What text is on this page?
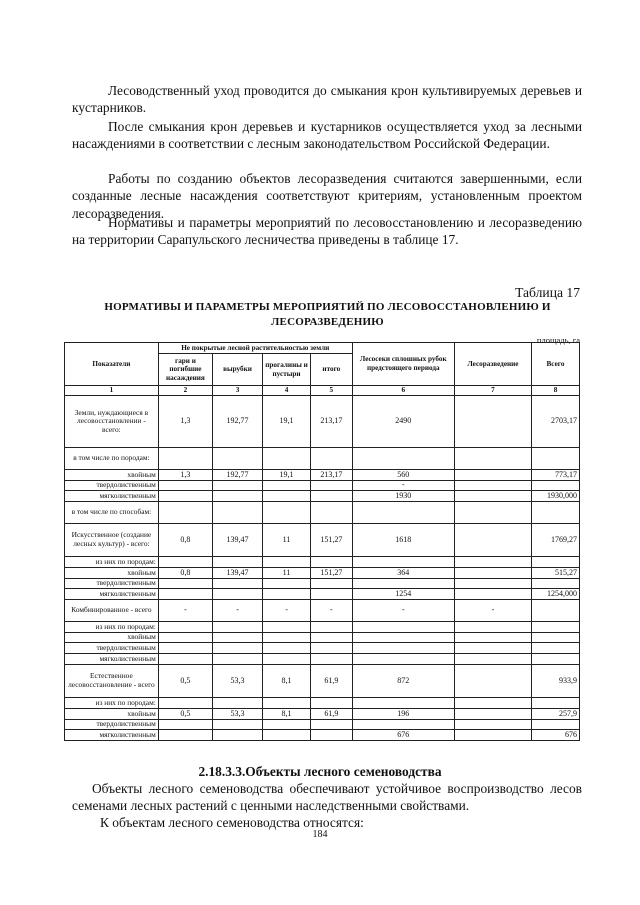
Лесоводственный уход проводится до смыкания крон культивируемых деревьев и кустарников.

После смыкания крон деревьев и кустарников осуществляется уход за лесными насаждениями в соответствии с лесным законодательством Российской Федерации.

Работы по созданию объектов лесоразведения считаются завершенными, если созданные лесные насаждения соответствуют критериям, установленным проектом лесоразведения.

Нормативы и параметры мероприятий по лесовосстановлению и лесоразведению на территории Сарапульского лесничества приведены в таблице 17.

Таблица 17
НОРМАТИВЫ И ПАРАМЕТРЫ МЕРОПРИЯТИЙ ПО ЛЕСОВОССТАНОВЛЕНИЮ И
ЛЕСОРАЗВЕДЕНИЮ
площадь, га
Показатели	Не покрытые лесной растительностью земли				Лесосеки сплошных рубок предстоящего периода	Лесоразведение	Всего
	гари и погибшие насаждения	вырубки	прогалины и пустыри	итого			
1	2	3	4	5	6	7	8
Земли, нуждающиеся в лесовосстановлении - всего:	1,3	192,77	19,1	213,17	2490		2703,17
в том числе по породам:							
хвойным	1,3	192,77	19,1	213,17	560		773,17
твердолиственным					-		
мягколиственным					1930		1930,000
в том числе по способам:							
Искусственное (создание лесных культур) - всего:	0,8	139,47	11	151,27	1618		1769,27
из них по породам:							
хвойным	0,8	139,47	11	151,27	364		515,27
твердолиственным							
мягколиственным					1254		1254,000
Комбинированное - всего	-	-	-	-	-	-	
из них по породам:							
хвойным							
твердолиственным							
мягколиственным							
Естественное лесовосстановление - всего	0,5	53,3	8,1	61,9	872		933,9
из них по породам:							
хвойным	0,5	53,3	8,1	61,9	196		257,9
твердолиственным							
мягколиственным					676		676
2.18.3.3.Объекты лесного семеноводства

Объекты лесного семеноводства обеспечивают устойчивое воспроизводство лесов семенами лесных растений с ценными наследственными свойствами.

К объектам лесного семеноводства относятся:

184
